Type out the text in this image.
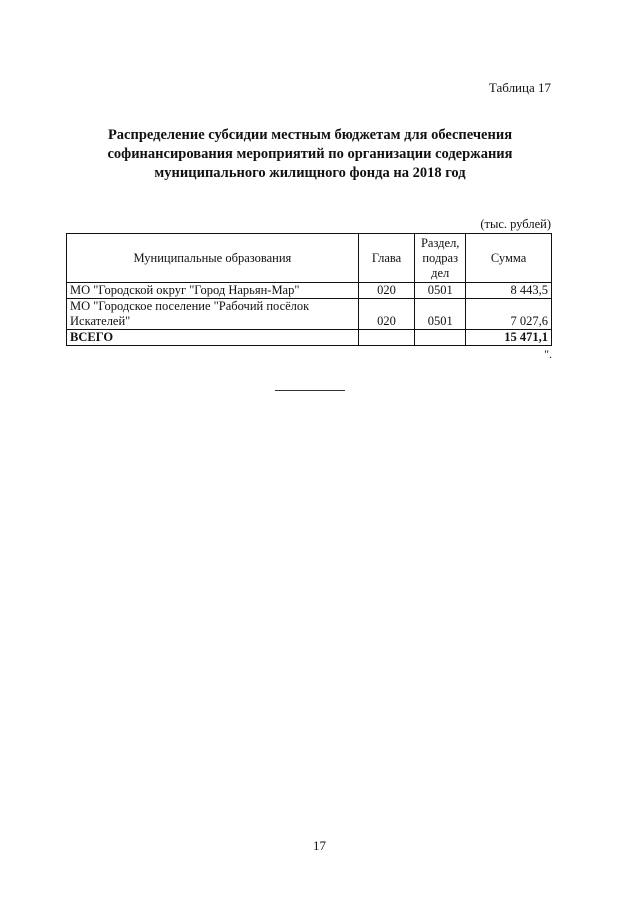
Таблица 17
Распределение субсидии местным бюджетам для обеспечения
софинансирования мероприятий по организации содержания
муниципального жилищного фонда на 2018 год
(тыс. рублей)
Муниципальные образования	Глава	Раздел, подраз дел	Сумма
МО "Городской округ "Город Нарьян-Мар"	020	0501	8 443,5
МО "Городское поселение "Рабочий посёлок Искателей"	020	0501	7 027,6
ВСЕГО			15 471,1
".
17
